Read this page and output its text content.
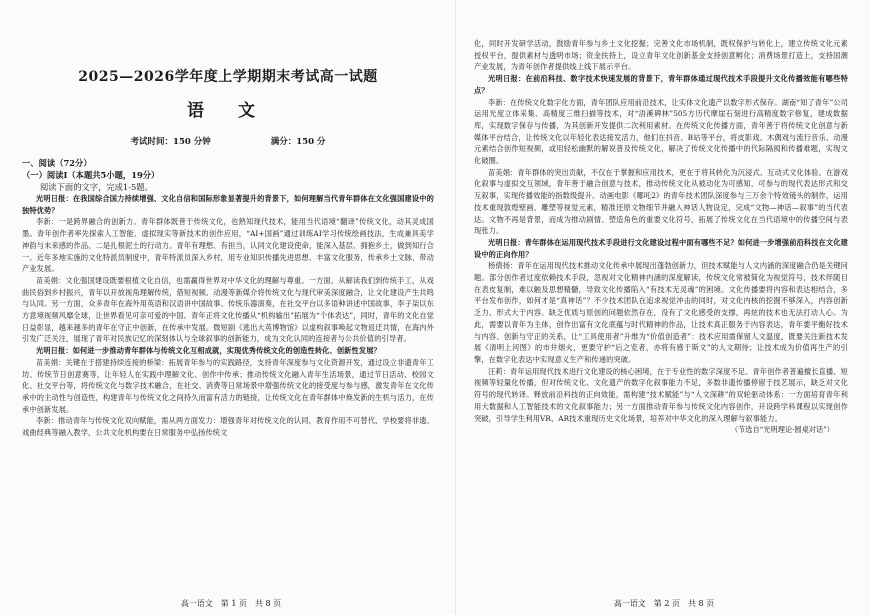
2025—2026学年度上学期期末考试高一试题
语 文
考试时间：150 分钟	满分：150 分
一、阅读（72分）
（一）阅读Ⅰ（本题共5小题，19分）
阅读下面的文字，完成1-5题。

光明日报：在我国综合国力持续增强、文化自信和国际形象显著提升的背景下，如何理解当代青年群体在文化强国建设中的独特优势？

李新：一是跨界融合的创新力。青年群体既善于传统文化，也熟知现代技术，能用当代语境“翻译”传统文化，动其灵成国墨。青年创作者率先探索人工智能、虚拟现实等新技术的创作应用，“AI+国画”通过训练AI学习传统绘画技法，生成兼具美学神韵与未来感的作品。二是扎根泥土的行动力。青年有理想、有担当，认同文化建设使命，能深入基层、拥抱乡土，做到知行合一。近年多地实施的文化特派员制度中，青年特派员深入乡村，用专业知识传播先进思想、丰富文化服务，传承乡土文脉、带动产业发展。

苗美娟：文化强国建设既要根植文化自信，也需赢得世界对中华文化的理解与尊重。一方面，从解读我们到传统手工，从戏曲民俗到乡村振兴，青年以开放视角理解传统，借短视频、动漫等新媒介将传统文化与现代审美深度融合，让文化建设产生共鸣与认同。另一方面，众多青年在海外用英语和汉语讲中国故事、传统乐器演奏，在社交平台以多语种讲述中国故事，李子柒以东方意境视频风靡全球，让世界看见可亲可爱的中国。青年正将文化传播从“机构输出”拓展为“个体表达”，同时，青年的文化自觉日益彰显，越来越多的青年在守正中创新，在传承中发展。微短剧《逃出大英博物馆》以虚构叙事唤起文物返迁共情，在海内外引发广泛关注，展现了青年对民族记忆的深刻体认与全球叙事的创新能力，成为文化认同的连接者与公共价值的引导者。

光明日报：如何进一步推动青年群体与传统文化互相成就，实现优秀传统文化的创造性转化、创新性发展？

苗美娟：关键在于搭建持续连接的桥梁：拓展青年参与的实践路径，支持青年深度参与文化资源开发，通过设立非遗青年工坊、传统节日创意赛等，让年轻人在实践中理解文化、创作中传承；推动传统文化融入青年生活场景，通过节日活动、校园文化、社交平台等，将传统文化与数字技术融合，在社交、消费等日常场景中增强传统文化的接受度与参与感，激发青年在文化传承中的主动性与创造性，构建青年与传统文化之间持久而富有活力的链接，让传统文化在青年群体中焕发新的生机与活力，在传承中创新发展。

李新：推动青年与传统文化双向赋能，需从两方面发力：增强青年对传统文化的认同，教育作用不可替代，学校要将非遗、戏曲经典等融入教学，公共文化机构要在日常服务中弘扬传统文

高一语文　第 1 页　共 8 页

化，同时开发研学活动，鼓励青年参与乡土文化挖掘；完善文化市场机制，既权保护与转化上，建立传统文化元素授权平台，提供素材与透明市场；资金扶持上，设立青年文化创新基金支持创意孵化；消费场景打造上，支持国潮产业发展，为青年创作者提供线上线下展示平台。

光明日报：在前沿科技、数字技术快速发展的背景下，青年群体通过现代技术手段提升文化传播效能有哪些特点？

李新：在传统文化数字化方面，青年团队应用前沿技术，让实体文化遗产以数字形式保存。湖南“知了青年”公司运用光度立体采集、高精度三维扫描等技术，对“浯溪碑林”505方历代摩崖石刻进行高精度数字修复，建成数据库，实现数字保存与传播，为其创新开发提供二次利用素材。在传统文化传播方面，青年善于将传统文化创意与新媒体平台结合，让传统文化以年轻化表达接发活力，他们在抖音、B站等平台，将皮影戏、木偶戏与流行音乐、动漫元素结合创作短视频，或用轻松幽默的解说普及传统文化，解决了传统文化传播中的代际隔阂和传播难题，实现文化破圈。

苗美娟：青年群体的突出贡献，不仅在于掌握和应用技术，更在于将其转化为沉浸式、互动式文化体验。在游戏化叙事与虚拟交互领域，青年善于融合创意与技术，推动传统文化从被动化为可感知、可参与的现代表达形式和交互叙事，实现传播效能的指数级提升。动画电影《哪吒2》的青年技术团队深度参与三万余个特效镜头的制作，运用技术重现敦煌壁画、雕塑等视觉元素，精准还原文物细节并融入神话人物设定，完成“文物—神话—叙事”的当代表达。文物不再是背景，而成为推动剧情、塑造角色的重要文化符号，拓展了传统文化在当代语境中的传播空间与表现张力。

光明日报：青年群体在运用现代技术手段进行文化建设过程中面有哪些不足？如何进一步增强前沿科技在文化建设中的正向作用？

杨倩扬：青年在运用现代技术推动文化传承中展现出蓬勃创新力，但技术赋能与人文内涵的深度融合仍是关键问题。部分创作者过度依赖技术手段，忽视对文化精神内涵的深度解读，传统文化常被简化为视觉符号，技术伴随目在表皮复制，难以触及思想精髓，导致文化传播陷入“有技术无灵魂”的困境。文化传播要将内容和表达相结合，多平台发布创作，如何才是“真神话”？不少技术团队在追求视觉冲击的同时，对文化内核的挖掘不够深入，内容创新乏力、形式大于内容、缺乏优质与原创的问题依然存在，没有了文化感受的支撑，再炫的技术也无法打动人心。为此，需要以青年为主体，创作出富有文化底蕴与时代精神的作品，让技术真正服务于内容表达，青年要平衡好技术与内容、创新与守正的关系，让“工具使用者”升维为“价值创造者”：技术应用需保留人文温度，既要关注新技术发展《清明上河图》的市井烟火，更要守护“后之览者，亦将有感于斯文”的人文期待；让技术成为价值再生产的引擎，在数字化表达中实现意义生产和传递的突破。

汪莉：青年运用现代技术进行文化建设的核心困境，在于专业性的数字深度不足。青年创作者普遍擅长直播、短视频等轻量化传播，但对传统文化、文化遗产的数字化叙事能力不足，多数非遗传播停留于技艺展示，缺乏对文化符号的现代转译。释放前沿科技的正向效能，需构建“技术赋能”与“人文深耕”的双轮驱动体系：一方面培育青年利用大数据和人工智能技术的文化叙事能力；另一方面推动青年参与传统文化内容创作，开设跨学科课程以实现创作突破，引导学生利用VR、AR技术重现历史文化场景，培养对中华文化的深入理解与叙事能力。

（节选自“光明理论·圆桌对话”）
高一语文　第 2 页　共 8 页
